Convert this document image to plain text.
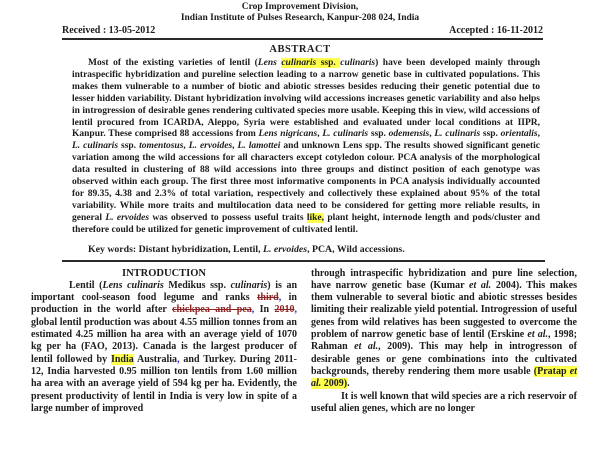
Crop Improvement Division,
Indian Institute of Pulses Research, Kanpur-208 024, India
Received : 13-05-2012	Accepted : 16-11-2012
ABSTRACT

Most of the existing varieties of lentil (Lens culinaris ssp. culinaris) have been developed mainly through intraspecific hybridization and pureline selection leading to a narrow genetic base in cultivated populations. This makes them vulnerable to a number of biotic and abiotic stresses besides reducing their genetic potential due to lesser hidden variability. Distant hybridization involving wild accessions increases genetic variability and also helps in introgression of desirable genes rendering cultivated species more usable. Keeping this in view, wild accessions of lentil procured from ICARDA, Aleppo, Syria were established and evaluated under local conditions at IIPR, Kanpur. These comprised 88 accessions from Lens nigricans, L. culinaris ssp. odemensis, L. culinaris ssp. orientalis, L. culinaris ssp. tomentosus, L. ervoides, L. lamottei and unknown Lens spp. The results showed significant genetic variation among the wild accessions for all characters except cotyledon colour. PCA analysis of the morphological data resulted in clustering of 88 wild accessions into three groups and distinct position of each genotype was observed within each group. The first three most informative components in PCA analysis individually accounted for 89.35, 4.38 and 2.3% of total variation, respectively and collectively these explained about 95% of the total variability. While more traits and multilocation data need to be considered for getting more reliable results, in general L. ervoides was observed to possess useful traits like, plant height, internode length and pods/cluster and therefore could be utilized for genetic improvement of cultivated lentil.

Key words: Distant hybridization, Lentil, L. ervoides, PCA, Wild accessions.

INTRODUCTION

Lentil (Lens culinaris Medikus ssp. culinaris) is an important cool-season food legume and ranks third, in production in the world after chickpea and pea, In 2010, global lentil production was about 4.55 million tonnes from an estimated 4.25 million ha area with an average yield of 1070 kg per ha (FAO, 2013). Canada is the largest producer of lentil followed by India Australia, and Turkey. During 2011-12, India harvested 0.95 million ton lentils from 1.60 million ha area with an average yield of 594 kg per ha. Evidently, the present productivity of lentil in India is very low in spite of a large number of improved

through intraspecific hybridization and pure line selection, have narrow genetic base (Kumar et al. 2004). This makes them vulnerable to several biotic and abiotic stresses besides limiting their realizable yield potential. Introgression of useful genes from wild relatives has been suggested to overcome the problem of narrow genetic base of lentil (Erskine et al., 1998; Rahman et al., 2009). This may help in introgresson of desirable genes or gene combinations into the cultivated backgrounds, thereby rendering them more usable (Pratap et al. 2009).

It is well known that wild species are a rich reservoir of useful alien genes, which are no longer
